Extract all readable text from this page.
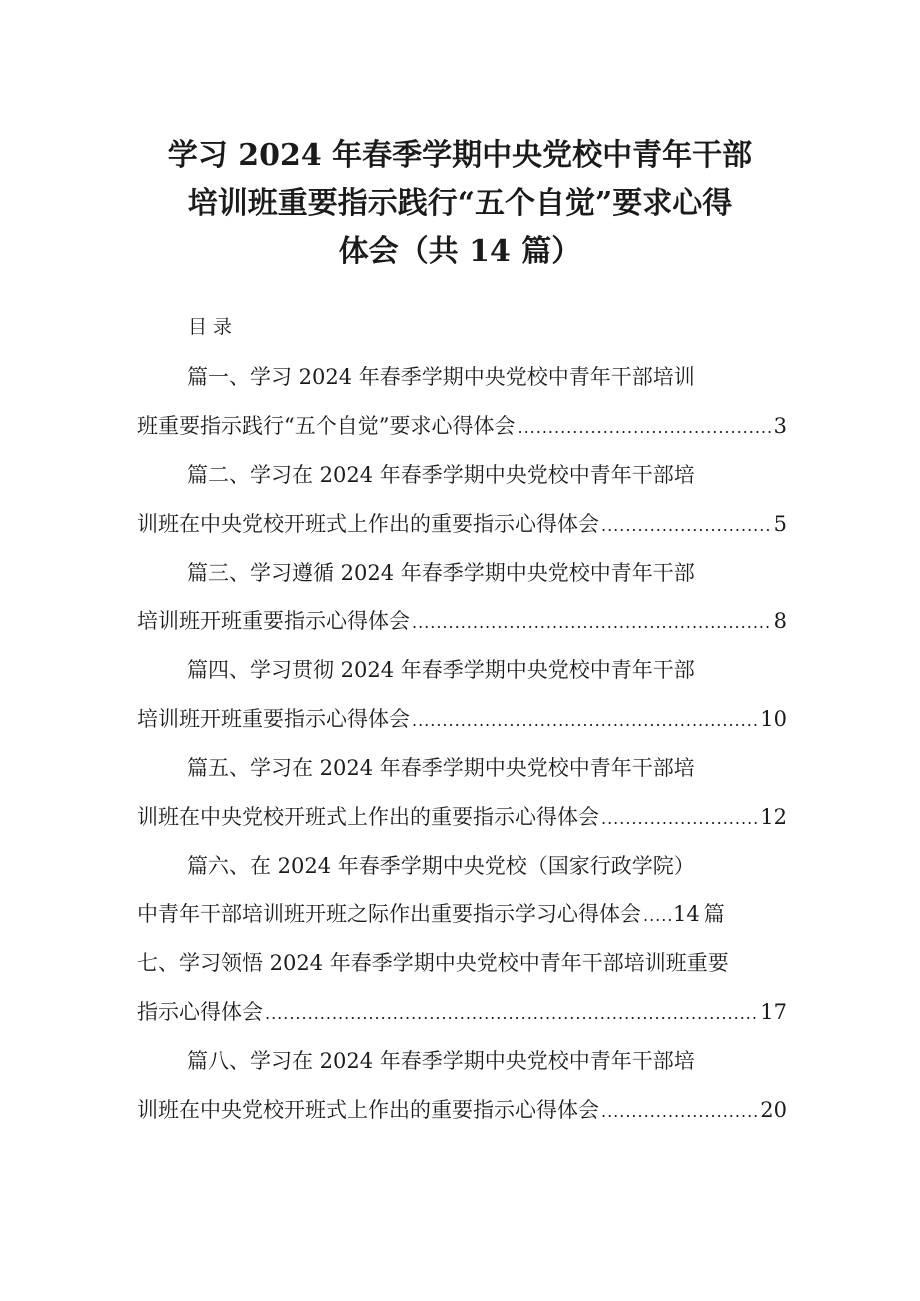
学习 2024 年春季学期中央党校中青年干部
培训班重要指示践行“五个自觉”要求心得
体会（共 14 篇）
目录
篇一、学习 2024 年春季学期中央党校中青年干部培训
班重要指示践行“五个自觉”要求心得体会 .....	3
篇二、学习在 2024 年春季学期中央党校中青年干部培
训班在中央党校开班式上作出的重要指示心得体会 .....	5
篇三、学习遵循 2024 年春季学期中央党校中青年干部
培训班开班重要指示心得体会 .....	8
篇四、学习贯彻 2024 年春季学期中央党校中青年干部
培训班开班重要指示心得体会 .....	10
篇五、学习在 2024 年春季学期中央党校中青年干部培
训班在中央党校开班式上作出的重要指示心得体会 .....	12
篇六、在 2024 年春季学期中央党校（国家行政学院）
中青年干部培训班开班之际作出重要指示学习心得体会 ..... 14 篇
七、学习领悟 2024 年春季学期中央党校中青年干部培训班重要
指示心得体会 .....	17
篇八、学习在 2024 年春季学期中央党校中青年干部培
训班在中央党校开班式上作出的重要指示心得体会 .....	20
